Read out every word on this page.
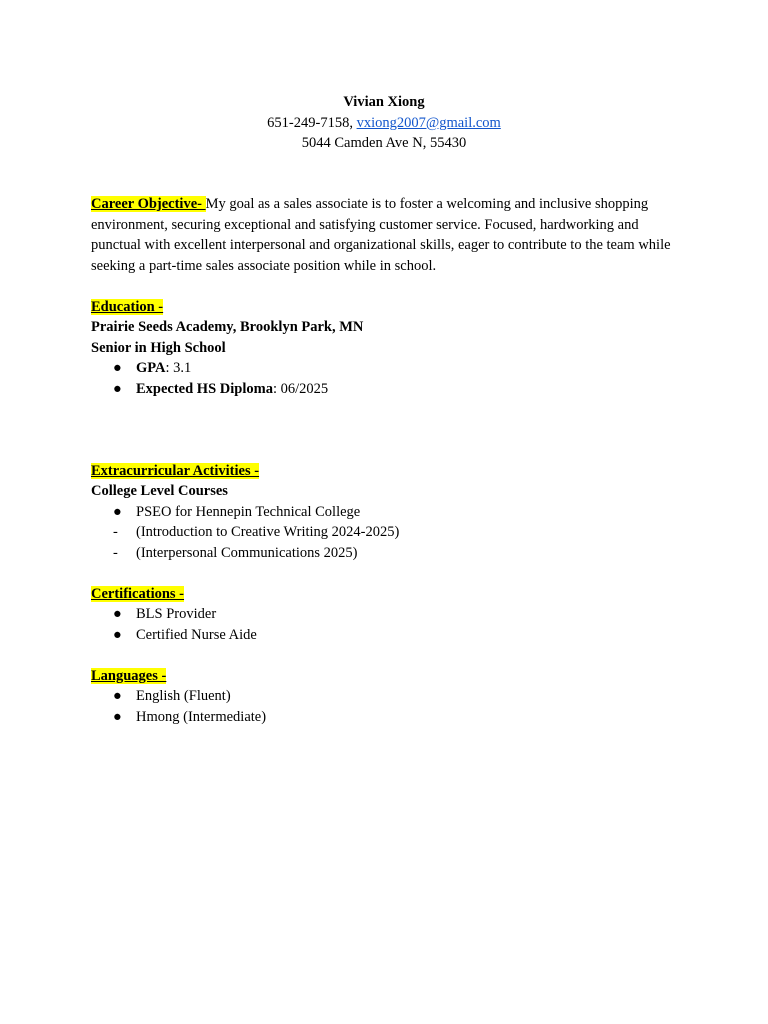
Vivian Xiong

651-249-7158, vxiong2007@gmail.com

5044 Camden Ave N, 55430

Career Objective- My goal as a sales associate is to foster a welcoming and inclusive shopping environment, securing exceptional and satisfying customer service. Focused, hardworking and punctual with excellent interpersonal and organizational skills, eager to contribute to the team while seeking a part-time sales associate position while in school.

Education -

Prairie Seeds Academy, Brooklyn Park, MN

Senior in High School

● GPA: 3.1
● Expected HS Diploma: 06/2025

Extracurricular Activities -

College Level Courses

● PSEO for Hennepin Technical College
-	(Introduction to Creative Writing 2024-2025)
-	(Interpersonal Communications 2025)

Certifications -

● BLS Provider
● Certified Nurse Aide

Languages -

● English (Fluent)
● Hmong (Intermediate)
